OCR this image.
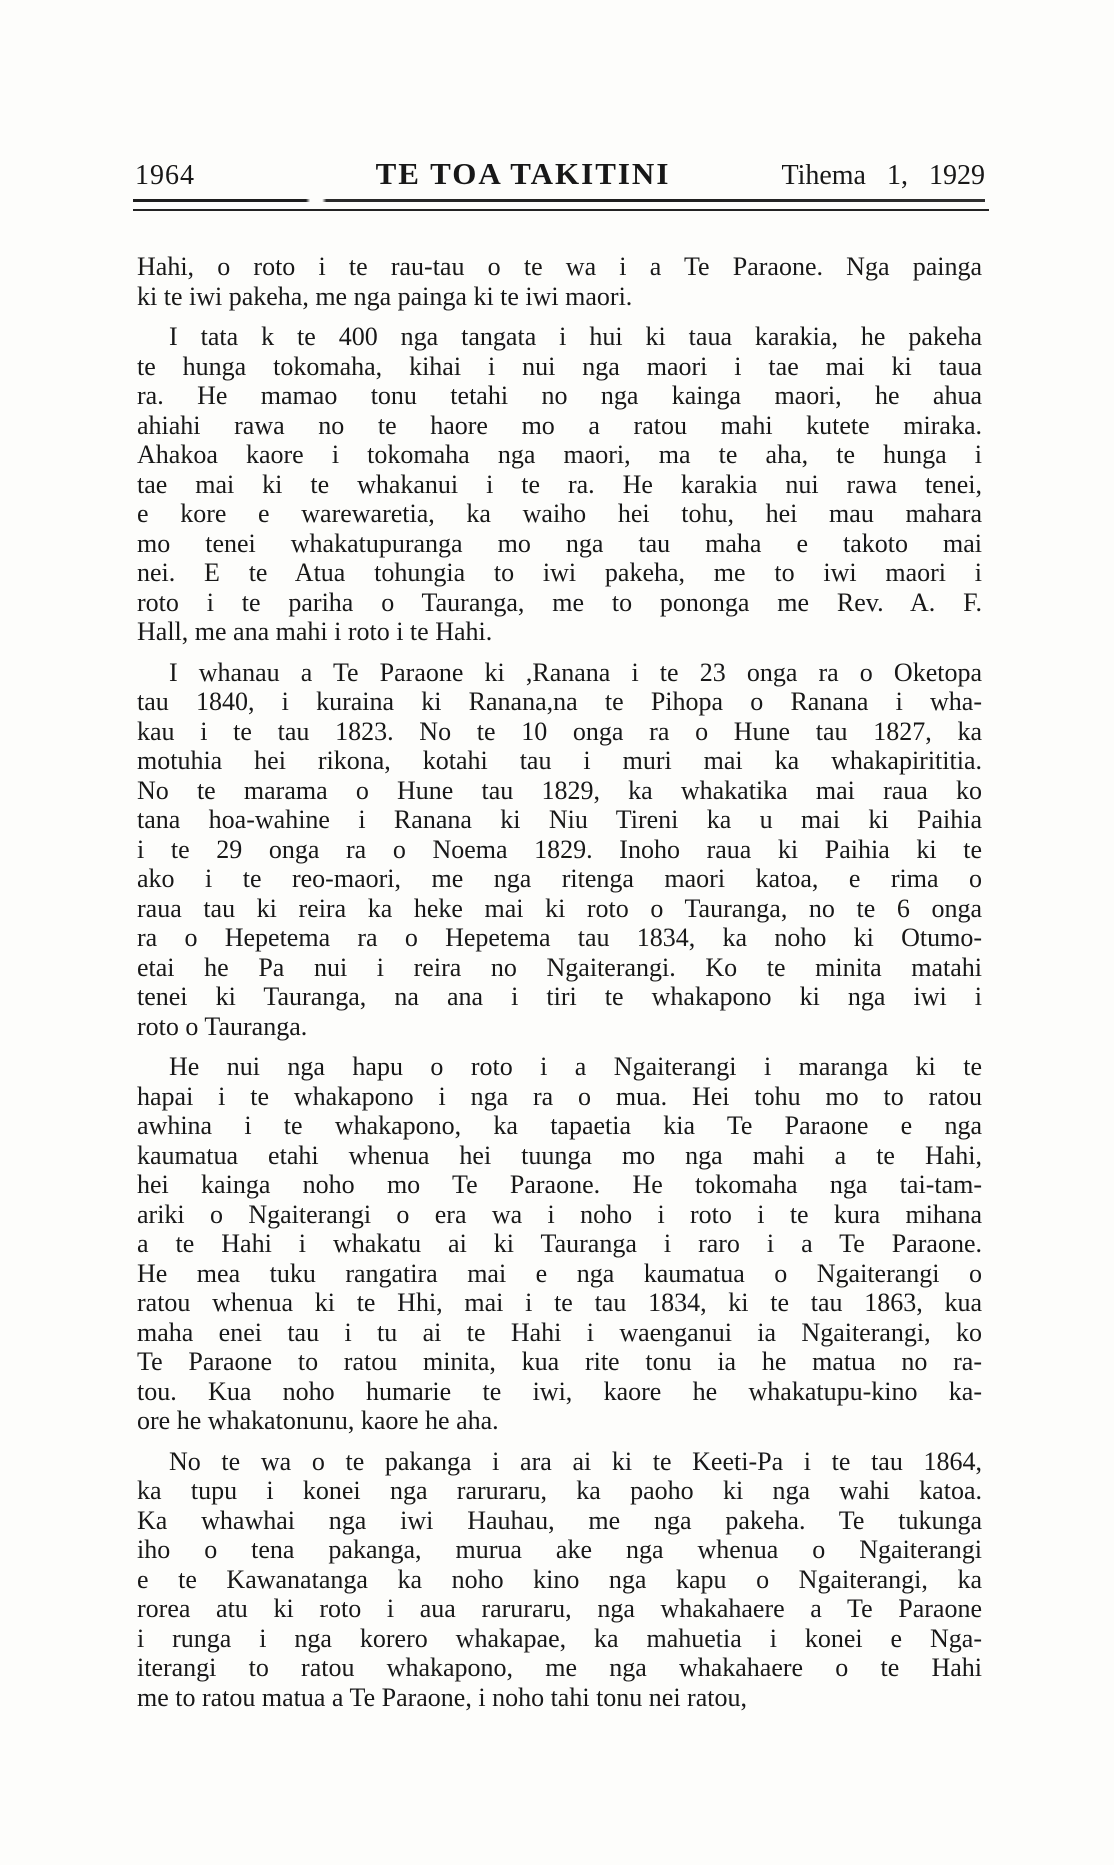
1964	TE TOA TAKITINI	Tihema 1, 1929
Hahi, o roto i te rau-tau o te wa i a Te Paraone. Nga painga
ki te iwi pakeha, me nga painga ki te iwi maori.
I tata k te 400 nga tangata i hui ki taua karakia, he pakeha
te hunga tokomaha, kihai i nui nga maori i tae mai ki taua
ra. He mamao tonu tetahi no nga kainga maori, he ahua
ahiahi rawa no te haore mo a ratou mahi kutete miraka.
Ahakoa kaore i tokomaha nga maori, ma te aha, te hunga i
tae mai ki te whakanui i te ra. He karakia nui rawa tenei,
e kore e warewaretia, ka waiho hei tohu, hei mau mahara
mo tenei whakatupuranga mo nga tau maha e takoto mai
nei. E te Atua tohungia to iwi pakeha, me to iwi maori i
roto i te pariha o Tauranga, me to pononga me Rev. A. F.
Hall, me ana mahi i roto i te Hahi.
I whanau a Te Paraone ki ,Ranana i te 23 onga ra o Oketopa
tau 1840, i kuraina ki Ranana,na te Pihopa o Ranana i wha-
kau i te tau 1823. No te 10 onga ra o Hune tau 1827, ka
motuhia hei rikona, kotahi tau i muri mai ka whakapirititia.
No te marama o Hune tau 1829, ka whakatika mai raua ko
tana hoa-wahine i Ranana ki Niu Tireni ka u mai ki Paihia
i te 29 onga ra o Noema 1829. Inoho raua ki Paihia ki te
ako i te reo-maori, me nga ritenga maori katoa, e rima o
raua tau ki reira ka heke mai ki roto o Tauranga, no te 6 onga
ra o Hepetema ra o Hepetema tau 1834, ka noho ki Otumo-
etai he Pa nui i reira no Ngaiterangi. Ko te minita matahi
tenei ki Tauranga, na ana i tiri te whakapono ki nga iwi i
roto o Tauranga.
He nui nga hapu o roto i a Ngaiterangi i maranga ki te
hapai i te whakapono i nga ra o mua. Hei tohu mo to ratou
awhina i te whakapono, ka tapaetia kia Te Paraone e nga
kaumatua etahi whenua hei tuunga mo nga mahi a te Hahi,
hei kainga noho mo Te Paraone. He tokomaha nga tai-tam-
ariki o Ngaiterangi o era wa i noho i roto i te kura mihana
a te Hahi i whakatu ai ki Tauranga i raro i a Te Paraone.
He mea tuku rangatira mai e nga kaumatua o Ngaiterangi o
ratou whenua ki te Hhi, mai i te tau 1834, ki te tau 1863, kua
maha enei tau i tu ai te Hahi i waenganui ia Ngaiterangi, ko
Te Paraone to ratou minita, kua rite tonu ia he matua no ra-
tou. Kua noho humarie te iwi, kaore he whakatupu-kino ka-
ore he whakatonunu, kaore he aha.
No te wa o te pakanga i ara ai ki te Keeti-Pa i te tau 1864,
ka tupu i konei nga raruraru, ka paoho ki nga wahi katoa.
Ka whawhai nga iwi Hauhau, me nga pakeha. Te tukunga
iho o tena pakanga, murua ake nga whenua o Ngaiterangi
e te Kawanatanga ka noho kino nga kapu o Ngaiterangi, ka
rorea atu ki roto i aua raruraru, nga whakahaere a Te Paraone
i runga i nga korero whakapae, ka mahuetia i konei e Nga-
iterangi to ratou whakapono, me nga whakahaere o te Hahi
me to ratou matua a Te Paraone, i noho tahi tonu nei ratou,
